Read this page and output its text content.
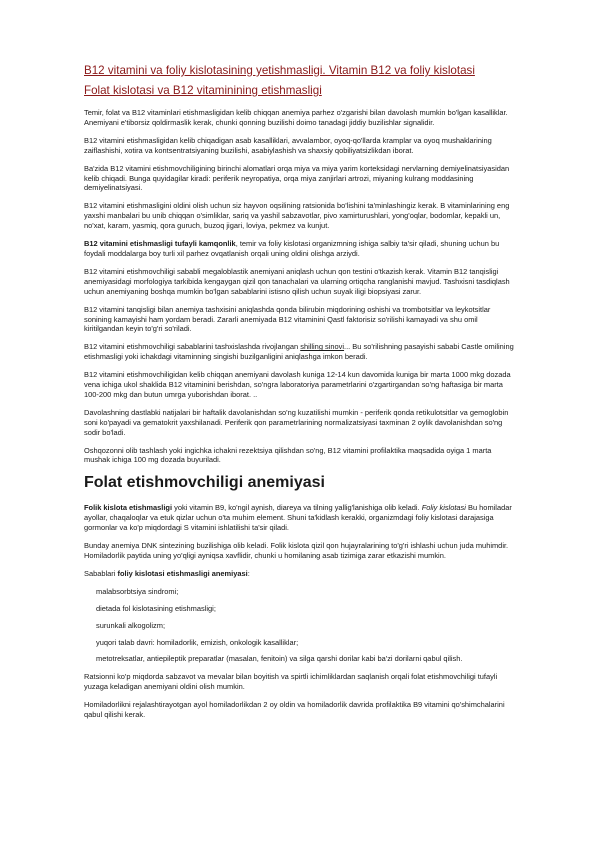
B12 vitamini va foliy kislotasining yetishmasligi. Vitamin B12 va foliy kislotasi
Folat kislotasi va B12 vitaminining etishmasligi

Temir, folat va B12 vitaminlari etishmasligidan kelib chiqqan anemiya parhez o'zgarishi bilan davolash mumkin bo'lgan kasalliklar. Anemiyani e'tiborsiz qoldirmaslik kerak, chunki qonning buzilishi doimo tanadagi jiddiy buzilishlar signalidir.

B12 vitamini etishmasligidan kelib chiqadigan asab kasalliklari, avvalambor, oyoq-qo'llarda kramplar va oyoq mushaklarining zaiflashishi, xotira va kontsentratsiyaning buzilishi, asabiylashish va shaxsiy qobiliyatsizlikdan iborat.

Ba'zida B12 vitamini etishmovchiligining birinchi alomatlari orqa miya va miya yarim korteksidagi nervlarning demiyelinatsiyasidan kelib chiqadi. Bunga quyidagilar kiradi: periferik neyropatiya, orqa miya zanjirlari artrozi, miyaning kulrang moddasining demiyelinatsiyasi.

B12 vitamini etishmasligini oldini olish uchun siz hayvon oqsilining ratsionida bo'lishini ta'minlashingiz kerak. B vitaminlarining eng yaxshi manbalari bu unib chiqqan o'simliklar, sariq va yashil sabzavotlar, pivo xamirturushlari, yong'oqlar, bodomlar, kepakli un, no'xat, karam, yasmiq, qora guruch, buzoq jigari, loviya, pekmez va kunjut.

B12 vitamini etishmasligi tufayli kamqonlik, temir va foliy kislotasi organizmning ishiga salbiy ta'sir qiladi, shuning uchun bu foydali moddalarga boy turli xil parhez ovqatlanish orqali uning oldini olishga arziydi.

B12 vitamini etishmovchiligi sababli megaloblastik anemiyani aniqlash uchun qon testini o'tkazish kerak. Vitamin B12 tanqisligi anemiyasidagi morfologiya tarkibida kengaygan qizil qon tanachalari va ularning ortiqcha ranglanishi mavjud. Tashxisni tasdiqlash uchun anemiyaning boshqa mumkin bo'lgan sabablarini istisno qilish uchun suyak iligi biopsiyasi zarur.

B12 vitamini tanqisligi bilan anemiya tashxisini aniqlashda qonda bilirubin miqdorining oshishi va trombotsitlar va leykotsitlar sonining kamayishi ham yordam beradi. Zararli anemiyada B12 vitaminini Qastl faktorisiz so'rilishi kamayadi va shu omil kiritilgandan keyin to'g'ri so'riladi.

B12 vitamini etishmovchiligi sabablarini tashxislashda rivojlangan shilling sinovi... Bu so'rilishning pasayishi sababi Castle omilining etishmasligi yoki ichakdagi vitaminning singishi buzilganligini aniqlashga imkon beradi.

B12 vitamini etishmovchiligidan kelib chiqqan anemiyani davolash kuniga 12-14 kun davomida kuniga bir marta 1000 mkg dozada vena ichiga ukol shaklida B12 vitaminini berishdan, so'ngra laboratoriya parametrlarini o'zgartirgandan so'ng haftasiga bir marta 100-200 mkg dan butun umrga yuborishdan iborat. ..

Davolashning dastlabki natijalari bir haftalik davolanishdan so'ng kuzatilishi mumkin - periferik qonda retikulotsitlar va gemoglobin soni ko'payadi va gematokrit yaxshilanadi. Periferik qon parametrlarining normalizatsiyasi taxminan 2 oylik davolanishdan so'ng sodir bo'ladi.

Oshqozonni olib tashlash yoki ingichka ichakni rezektsiya qilishdan so'ng, B12 vitamini profilaktika maqsadida oyiga 1 marta mushak ichiga 100 mg dozada buyuriladi.

Folat etishmovchiligi anemiyasi

Folik kislota etishmasligi yoki vitamin B9, ko'ngil aynish, diareya va tilning yallig'lanishiga olib keladi. Foliy kislotasi Bu homiladar ayollar, chaqaloqlar va etuk qizlar uchun o'ta muhim element. Shuni ta'kidlash kerakki, organizmdagi foliy kislotasi darajasiga gormonlar va ko'p miqdordagi S vitamini ishlatilishi ta'sir qiladi.

Bunday anemiya DNK sintezining buzilishiga olib keladi. Folik kislota qizil qon hujayralarining to'g'ri ishlashi uchun juda muhimdir. Homiladorlik paytida uning yo'qligi ayniqsa xavflidir, chunki u homilaning asab tizimiga zarar etkazishi mumkin.

Sabablari foliy kislotasi etishmasligi anemiyasi:

malabsorbtsiya sindromi;
dietada fol kislotasining etishmasligi;
surunkali alkogolizm;
yuqori talab davri: homiladorlik, emizish, onkologik kasalliklar;
metotreksatlar, antiepileptik preparatlar (masalan, fenitoin) va silga qarshi dorilar kabi ba'zi dorilarni qabul qilish.

Ratsionni ko'p miqdorda sabzavot va mevalar bilan boyitish va spirtli ichimliklardan saqlanish orqali folat etishmovchiligi tufayli yuzaga keladigan anemiyani oldini olish mumkin.

Homiladorlikni rejalashtirayotgan ayol homiladorlikdan 2 oy oldin va homiladorlik davrida profilaktika B9 vitamini qo'shimchalarini qabul qilishi kerak.
